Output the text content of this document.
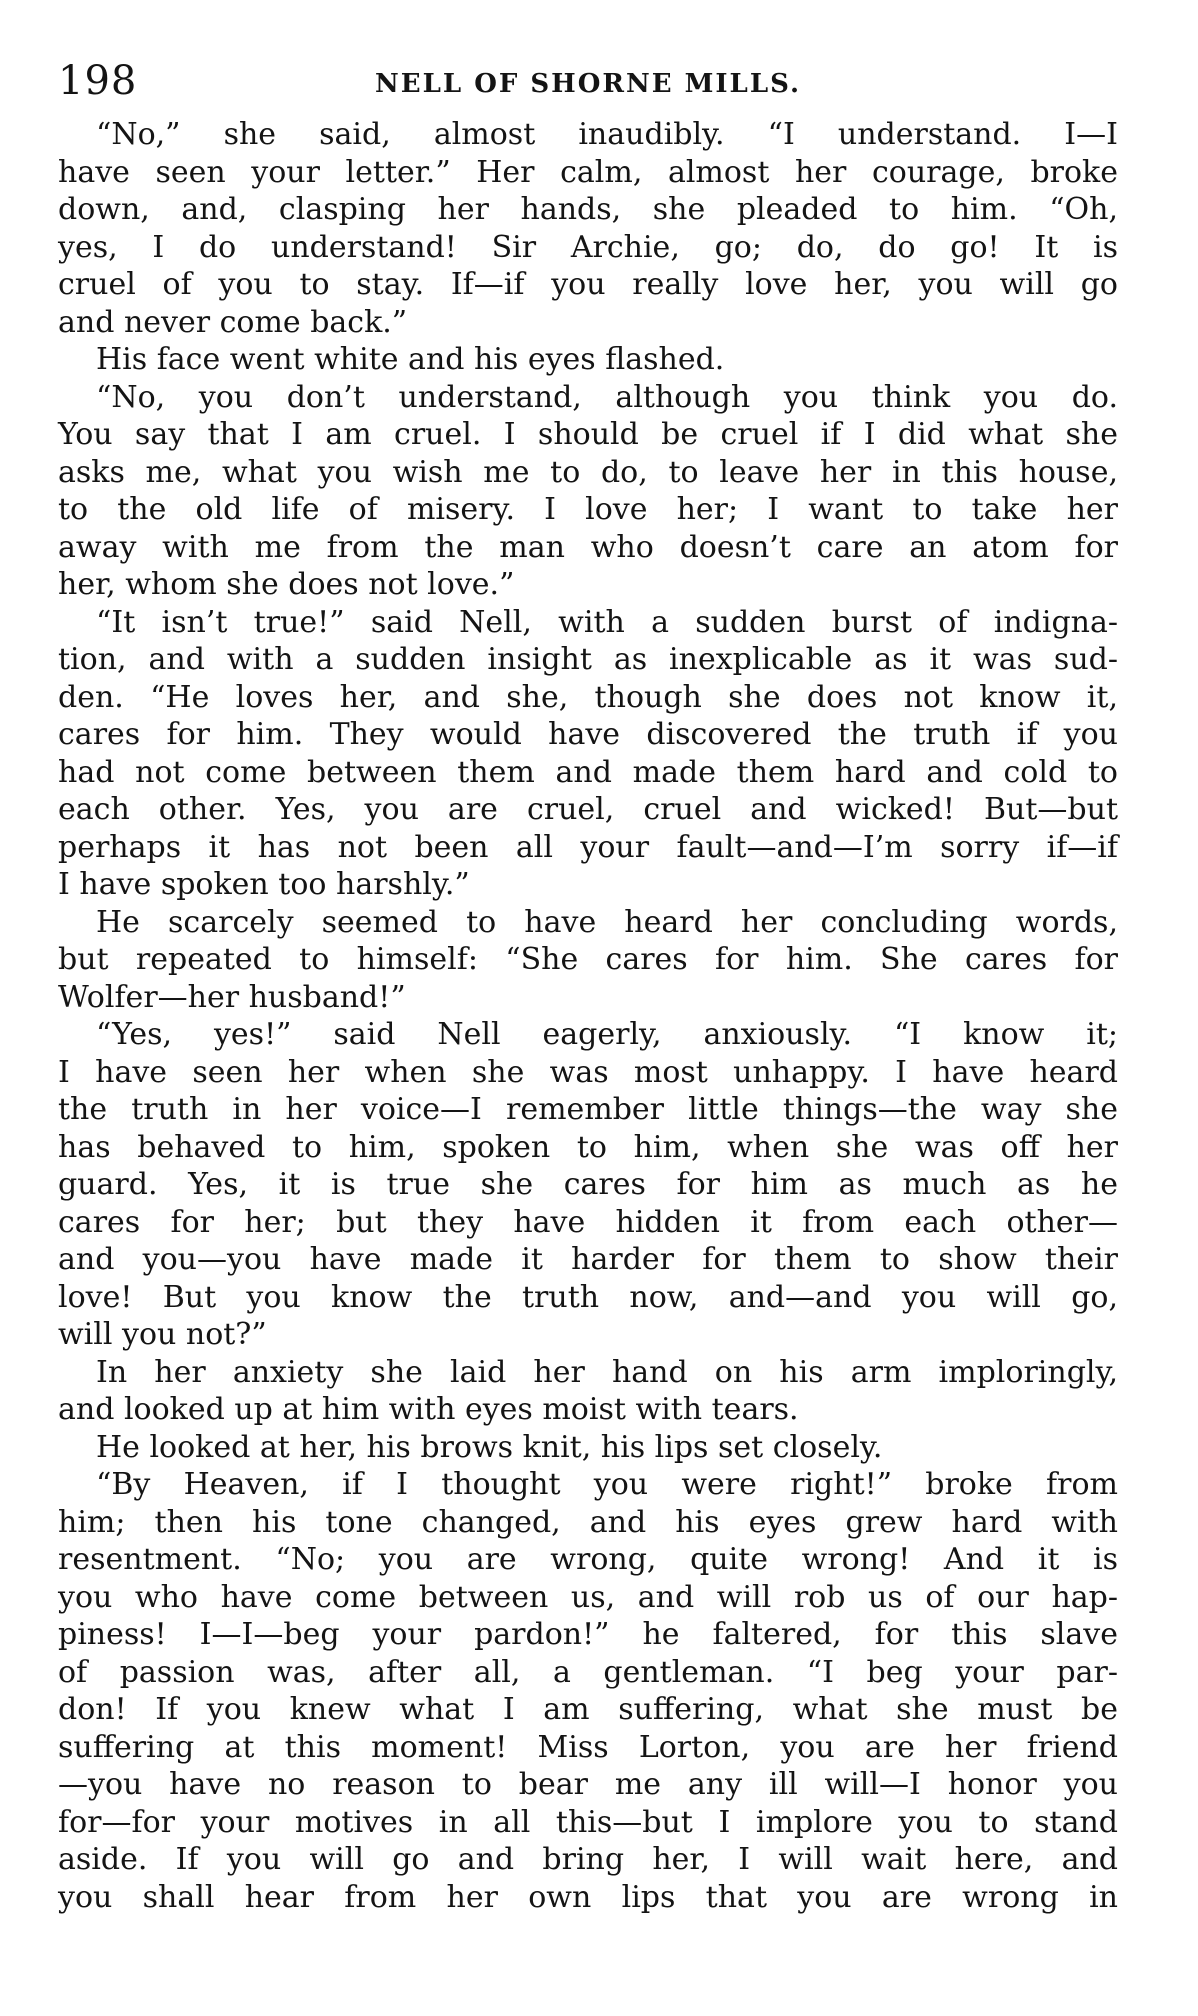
198	NELL OF SHORNE MILLS.
“No,” she said, almost inaudibly. “I understand. I—I
have seen your letter.” Her calm, almost her courage, broke
down, and, clasping her hands, she pleaded to him. “Oh,
yes, I do understand! Sir Archie, go; do, do go! It is
cruel of you to stay. If—if you really love her, you will go
and never come back.”
His face went white and his eyes flashed.
“No, you don’t understand, although you think you do.
You say that I am cruel. I should be cruel if I did what she
asks me, what you wish me to do, to leave her in this house,
to the old life of misery. I love her; I want to take her
away with me from the man who doesn’t care an atom for
her, whom she does not love.”
“It isn’t true!” said Nell, with a sudden burst of indigna-
tion, and with a sudden insight as inexplicable as it was sud-
den. “He loves her, and she, though she does not know it,
cares for him. They would have discovered the truth if you
had not come between them and made them hard and cold to
each other. Yes, you are cruel, cruel and wicked! But—but
perhaps it has not been all your fault—and—I’m sorry if—if
I have spoken too harshly.”
He scarcely seemed to have heard her concluding words,
but repeated to himself: “She cares for him. She cares for
Wolfer—her husband!”
“Yes, yes!” said Nell eagerly, anxiously. “I know it;
I have seen her when she was most unhappy. I have heard
the truth in her voice—I remember little things—the way she
has behaved to him, spoken to him, when she was off her
guard. Yes, it is true she cares for him as much as he
cares for her; but they have hidden it from each other—
and you—you have made it harder for them to show their
love! But you know the truth now, and—and you will go,
will you not?”
In her anxiety she laid her hand on his arm imploringly,
and looked up at him with eyes moist with tears.
He looked at her, his brows knit, his lips set closely.
“By Heaven, if I thought you were right!” broke from
him; then his tone changed, and his eyes grew hard with
resentment. “No; you are wrong, quite wrong! And it is
you who have come between us, and will rob us of our hap-
piness! I—I—beg your pardon!” he faltered, for this slave
of passion was, after all, a gentleman. “I beg your par-
don! If you knew what I am suffering, what she must be
suffering at this moment! Miss Lorton, you are her friend
—you have no reason to bear me any ill will—I honor you
for—for your motives in all this—but I implore you to stand
aside. If you will go and bring her, I will wait here, and
you shall hear from her own lips that you are wrong in
